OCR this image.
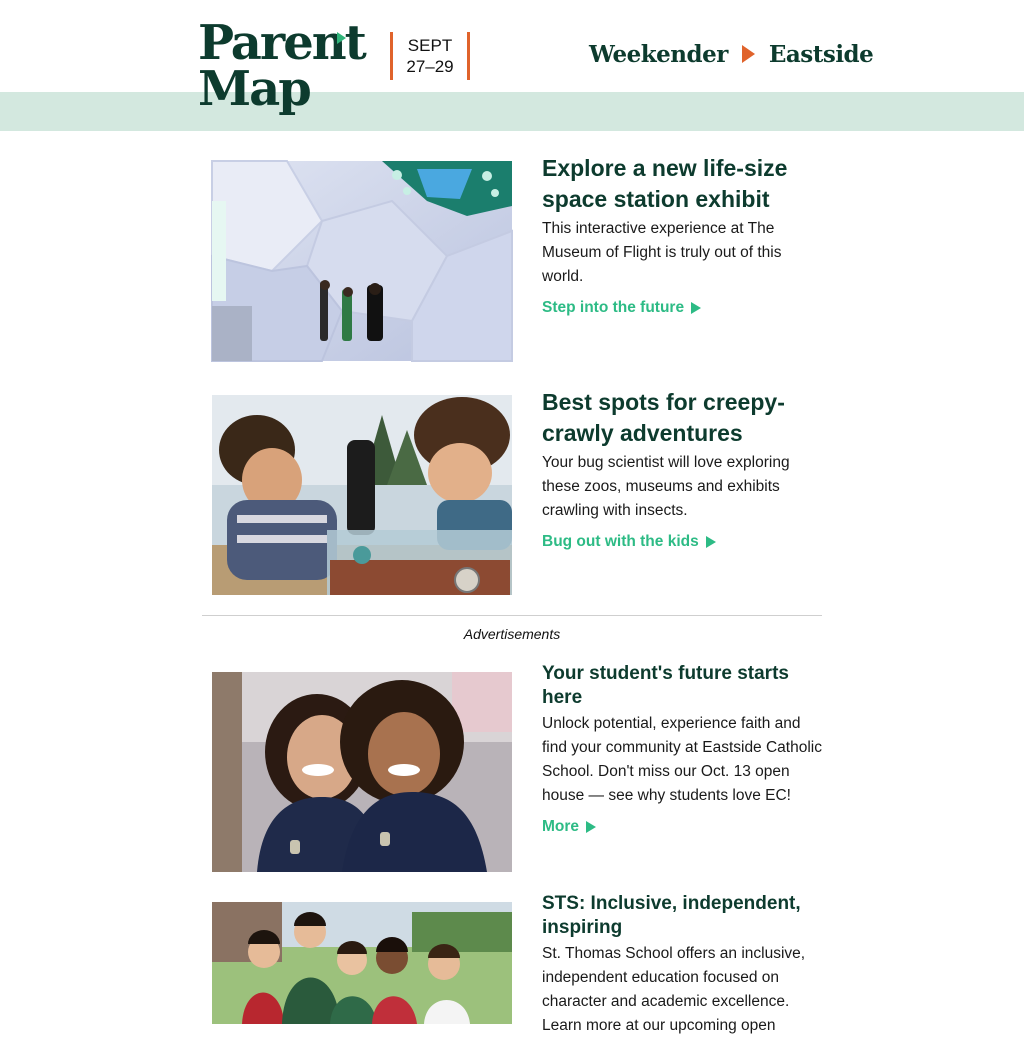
Parent
Map
SEPT
27–29	Weekender Eastside
Explore a new life-size space station exhibit

This interactive experience at The Museum of Flight is truly out of this world.

Step into the future
Best spots for creepy-crawly adventures

Your bug scientist will love exploring these zoos, museums and exhibits crawling with insects.

Bug out with the kids
Advertisements
Your student's future starts here

Unlock potential, experience faith and find your community at Eastside Catholic School. Don't miss our Oct. 13 open house — see why students love EC!

More
STS: Inclusive, independent, inspiring

St. Thomas School offers an inclusive, independent education focused on character and academic excellence. Learn more at our upcoming open
